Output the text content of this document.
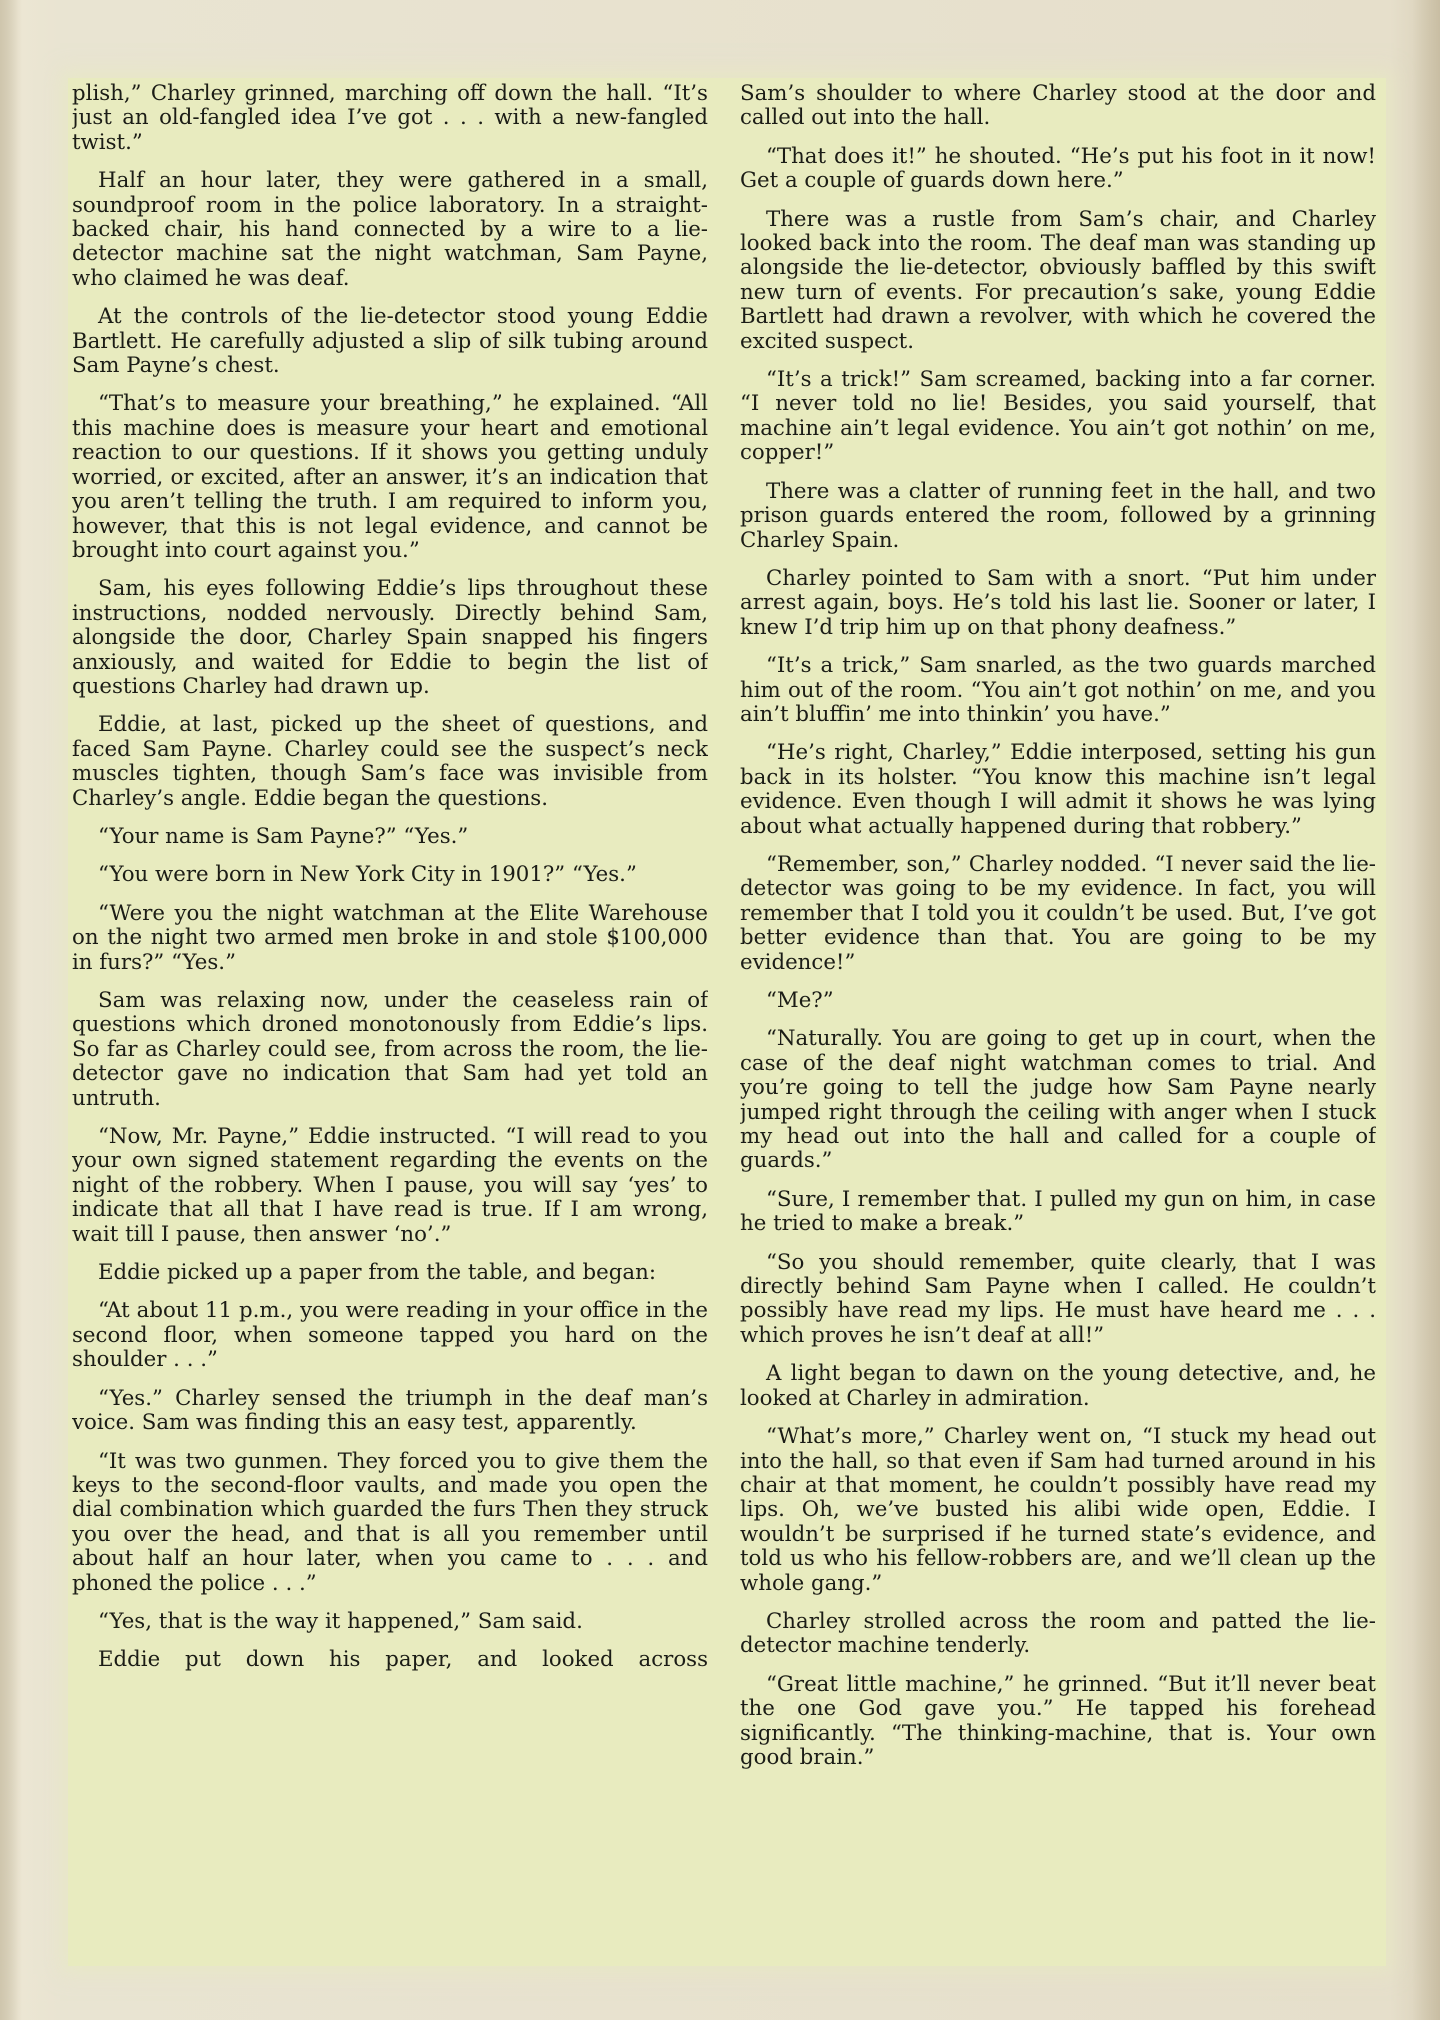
plish,” Charley grinned, marching off down the hall. “It’s just an old-fangled idea I’ve got . . . with a new-fangled twist.”

Half an hour later, they were gathered in a small, soundproof room in the police laboratory. In a straight-backed chair, his hand connected by a wire to a lie-detector machine sat the night watchman, Sam Payne, who claimed he was deaf.

At the controls of the lie-detector stood young Eddie Bartlett. He carefully adjusted a slip of silk tubing around Sam Payne’s chest.

“That’s to measure your breathing,” he explained. “All this machine does is measure your heart and emotional reaction to our questions. If it shows you getting unduly worried, or excited, after an answer, it’s an indication that you aren’t telling the truth. I am required to inform you, however, that this is not legal evidence, and cannot be brought into court against you.”

Sam, his eyes following Eddie’s lips throughout these instructions, nodded nervously. Directly behind Sam, alongside the door, Charley Spain snapped his fingers anxiously, and waited for Eddie to begin the list of questions Charley had drawn up.

Eddie, at last, picked up the sheet of questions, and faced Sam Payne. Charley could see the suspect’s neck muscles tighten, though Sam’s face was invisible from Charley’s angle. Eddie began the questions.

“Your name is Sam Payne?” “Yes.”

“You were born in New York City in 1901?” “Yes.”

“Were you the night watchman at the Elite Warehouse on the night two armed men broke in and stole $100,000 in furs?” “Yes.”

Sam was relaxing now, under the ceaseless rain of questions which droned monotonously from Eddie’s lips. So far as Charley could see, from across the room, the lie-detector gave no indication that Sam had yet told an untruth.

“Now, Mr. Payne,” Eddie instructed. “I will read to you your own signed statement regarding the events on the night of the robbery. When I pause, you will say ‘yes’ to indicate that all that I have read is true. If I am wrong, wait till I pause, then answer ‘no’.”

Eddie picked up a paper from the table, and began:

“At about 11 p.m., you were reading in your office in the second floor, when someone tapped you hard on the shoulder . . .”

“Yes.” Charley sensed the triumph in the deaf man’s voice. Sam was finding this an easy test, apparently.

“It was two gunmen. They forced you to give them the keys to the second-floor vaults, and made you open the dial combination which guarded the furs Then they struck you over the head, and that is all you remember until about half an hour later, when you came to . . . and phoned the police . . .”

“Yes, that is the way it happened,” Sam said.

Eddie put down his paper, and looked across

Sam’s shoulder to where Charley stood at the door and called out into the hall.

“That does it!” he shouted. “He’s put his foot in it now! Get a couple of guards down here.”

There was a rustle from Sam’s chair, and Charley looked back into the room. The deaf man was standing up alongside the lie-detector, obviously baffled by this swift new turn of events. For precaution’s sake, young Eddie Bartlett had drawn a revolver, with which he covered the excited suspect.

“It’s a trick!” Sam screamed, backing into a far corner. “I never told no lie! Besides, you said yourself, that machine ain’t legal evidence. You ain’t got nothin’ on me, copper!”

There was a clatter of running feet in the hall, and two prison guards entered the room, followed by a grinning Charley Spain.

Charley pointed to Sam with a snort. “Put him under arrest again, boys. He’s told his last lie. Sooner or later, I knew I’d trip him up on that phony deafness.”

“It’s a trick,” Sam snarled, as the two guards marched him out of the room. “You ain’t got nothin’ on me, and you ain’t bluffin’ me into thinkin’ you have.”

“He’s right, Charley,” Eddie interposed, setting his gun back in its holster. “You know this machine isn’t legal evidence. Even though I will admit it shows he was lying about what actually happened during that robbery.”

“Remember, son,” Charley nodded. “I never said the lie-detector was going to be my evidence. In fact, you will remember that I told you it couldn’t be used. But, I’ve got better evidence than that. You are going to be my evidence!”

“Me?”

“Naturally. You are going to get up in court, when the case of the deaf night watchman comes to trial. And you’re going to tell the judge how Sam Payne nearly jumped right through the ceiling with anger when I stuck my head out into the hall and called for a couple of guards.”

“Sure, I remember that. I pulled my gun on him, in case he tried to make a break.”

“So you should remember, quite clearly, that I was directly behind Sam Payne when I called. He couldn’t possibly have read my lips. He must have heard me . . . which proves he isn’t deaf at all!”

A light began to dawn on the young detective, and, he looked at Charley in admiration.

“What’s more,” Charley went on, “I stuck my head out into the hall, so that even if Sam had turned around in his chair at that moment, he couldn’t possibly have read my lips. Oh, we’ve busted his alibi wide open, Eddie. I wouldn’t be surprised if he turned state’s evidence, and told us who his fellow-robbers are, and we’ll clean up the whole gang.”

Charley strolled across the room and patted the lie-detector machine tenderly.

“Great little machine,” he grinned. “But it’ll never beat the one God gave you.” He tapped his forehead significantly. “The thinking-machine, that is. Your own good brain.”
